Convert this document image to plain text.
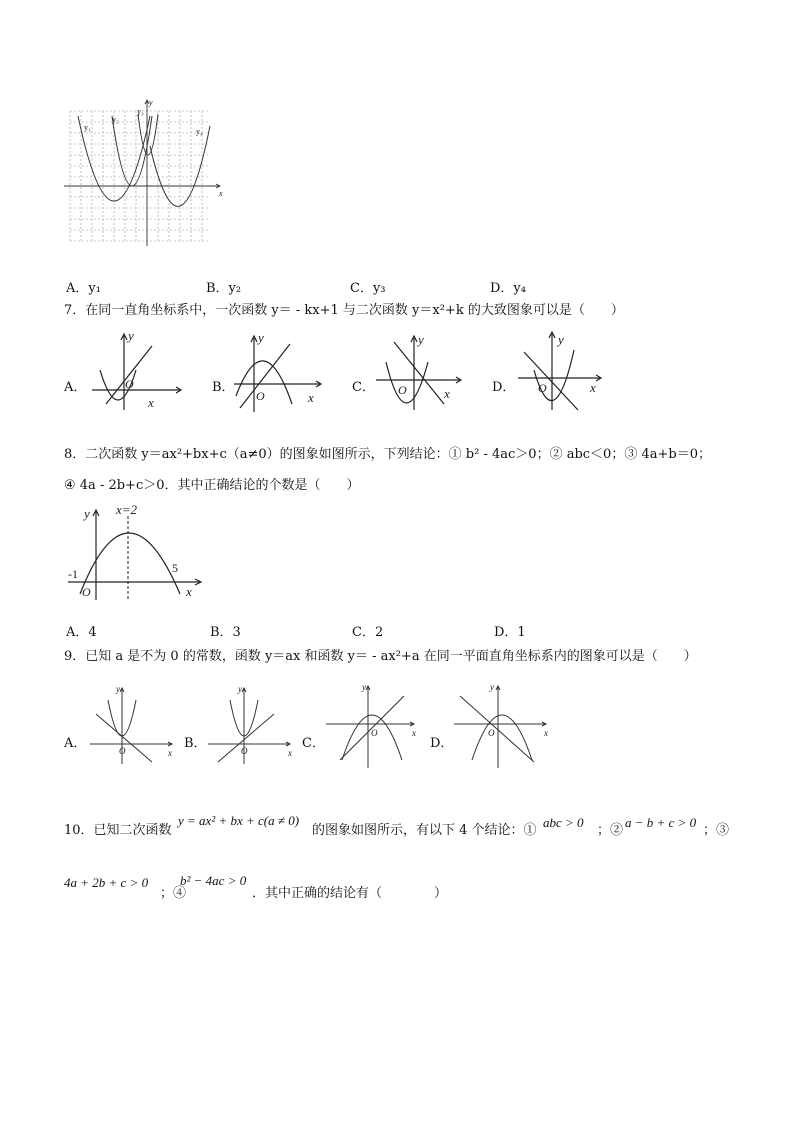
y₁
y₂
y₃
y₄
x
y
A．y₁	B．y₂	C．y₃	D．y₄
7．在同一直角坐标系中，一次函数 y＝ - kx+1 与二次函数 y＝x²+k 的大致图象可以是（　　）
A．
y
x
O	B．
y
x
O
C．
y
x
O	D．
y
x
O
8．二次函数 y＝ax²+bx+c（a≠0）的图象如图所示，下列结论：① b² - 4ac＞0；② abc＜0；③ 4a+b＝0；
④ 4a - 2b+c＞0．其中正确结论的个数是（　　）
x=2
-1	5
y
x
O
A．4	B．3	C．2	D．1
9．已知 a 是不为 0 的常数，函数 y＝ax 和函数 y＝ - ax²+a 在同一平面直角坐标系内的图象可以是（　　）
A．
y
x
O	B．
y
x
O	C．
y
x
O
D．
y
x
O
10．已知二次函数
y = ax² + bx + c(a ≠ 0)
的图象如图所示，有以下 4 个结论：①
abc > 0
；②
a − b + c > 0
；③
4a + 2b + c > 0
；④
b² − 4ac > 0
．其中正确的结论有（　　　　）
